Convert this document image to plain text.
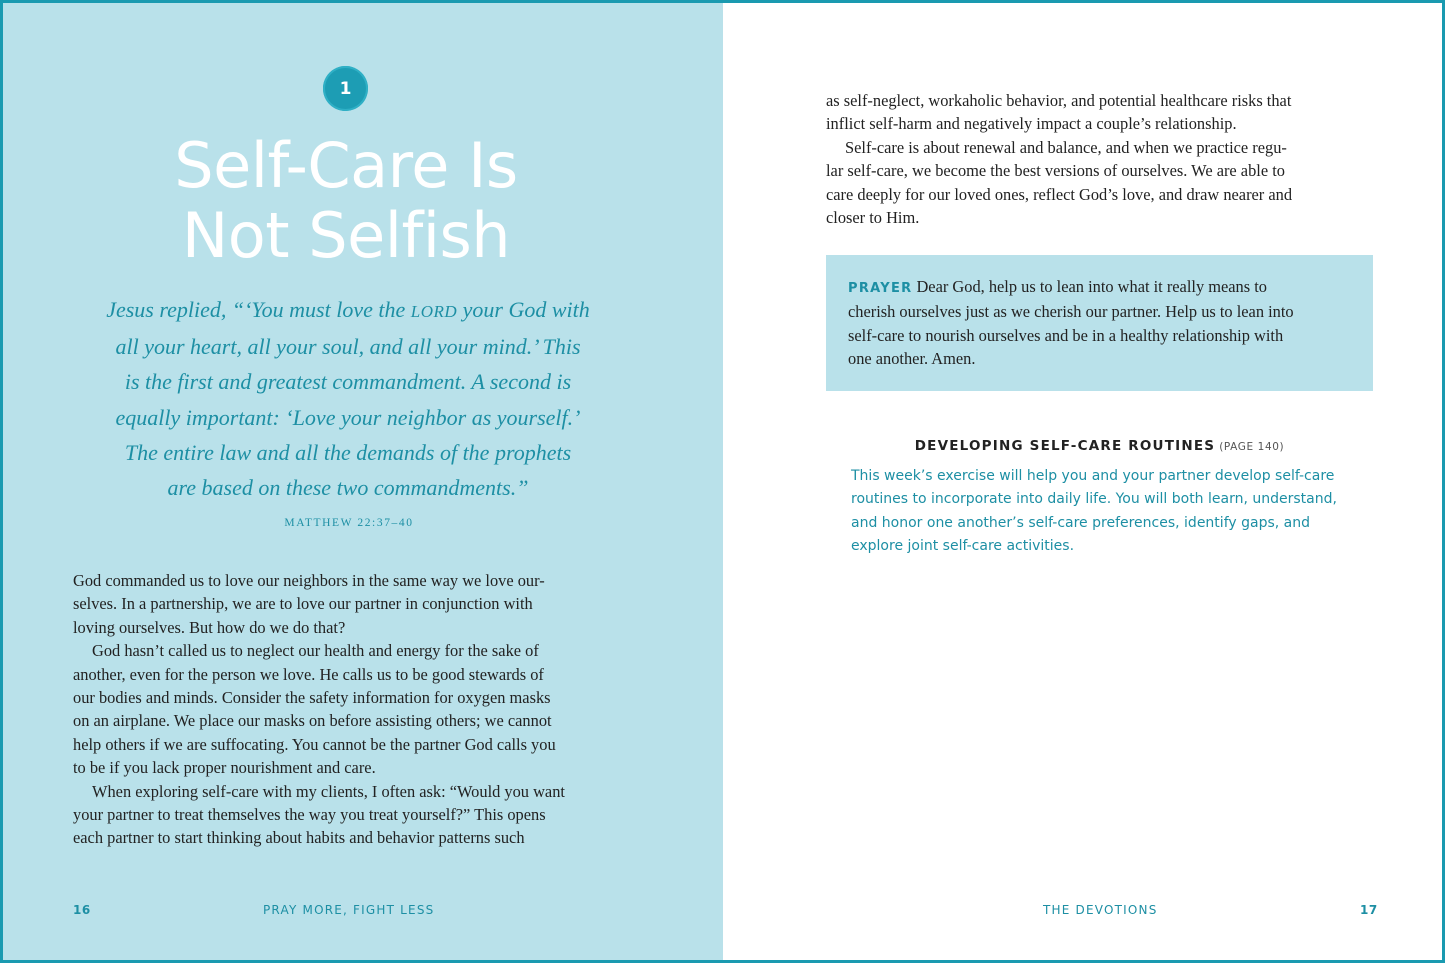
1
Self-Care Is
Not Selfish
Jesus replied, “‘You must love the LORD your God with
all your heart, all your soul, and all your mind.’ This
is the first and greatest commandment. A second is
equally important: ‘Love your neighbor as yourself.’
The entire law and all the demands of the prophets
are based on these two commandments.”
MATTHEW 22:37–40
God commanded us to love our neighbors in the same way we love our-
selves. In a partnership, we are to love our partner in conjunction with
loving ourselves. But how do we do that?
God hasn’t called us to neglect our health and energy for the sake of
another, even for the person we love. He calls us to be good stewards of
our bodies and minds. Consider the safety information for oxygen masks
on an airplane. We place our masks on before assisting others; we cannot
help others if we are suffocating. You cannot be the partner God calls you
to be if you lack proper nourishment and care.
When exploring self-care with my clients, I often ask: “Would you want
your partner to treat themselves the way you treat yourself?” This opens
each partner to start thinking about habits and behavior patterns such
16	PRAY MORE, FIGHT LESS
as self-neglect, workaholic behavior, and potential healthcare risks that
inflict self-harm and negatively impact a couple’s relationship.
Self-care is about renewal and balance, and when we practice regu-
lar self-care, we become the best versions of ourselves. We are able to
care deeply for our loved ones, reflect God’s love, and draw nearer and
closer to Him.
PRAYER Dear God, help us to lean into what it really means to
cherish ourselves just as we cherish our partner. Help us to lean into
self-care to nourish ourselves and be in a healthy relationship with
one another. Amen.
DEVELOPING SELF-CARE ROUTINES (PAGE 140)
This week’s exercise will help you and your partner develop self-care
routines to incorporate into daily life. You will both learn, understand,
and honor one another’s self-care preferences, identify gaps, and
explore joint self-care activities.
THE DEVOTIONS	17
